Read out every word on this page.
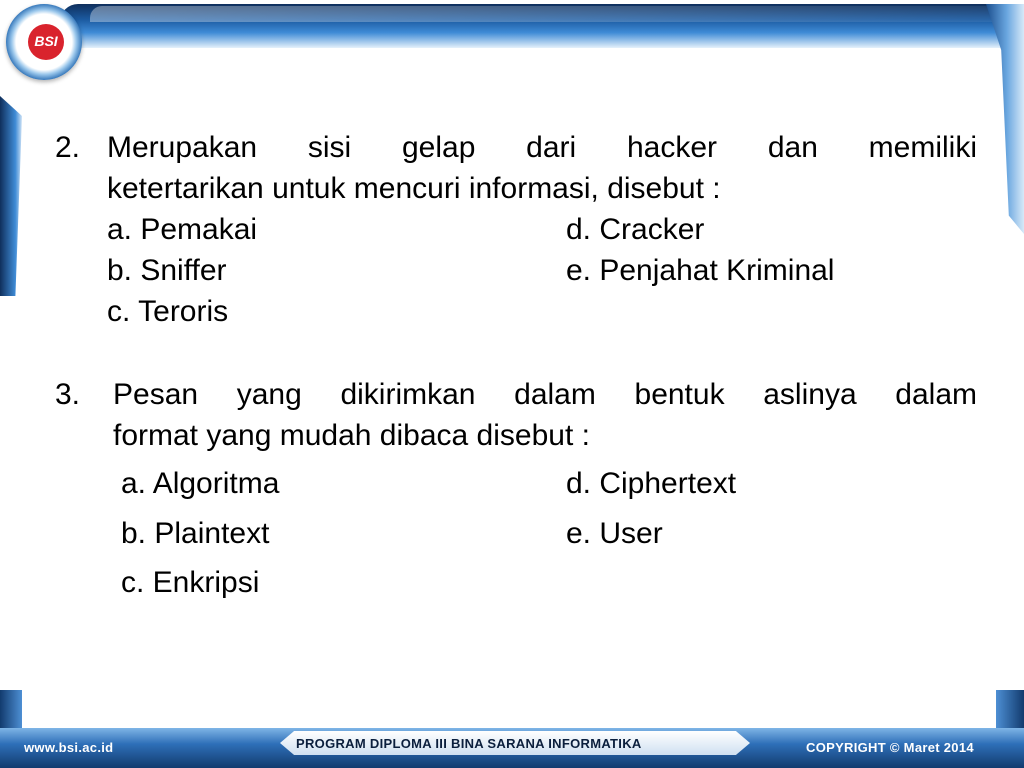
BSI
2. Merupakan sisi gelap dari hacker dan memiliki
ketertarikan untuk mencuri informasi, disebut :
a. Pemakai	d. Cracker
b. Sniffer	e. Penjahat Kriminal
c. Teroris
3. Pesan yang dikirimkan dalam bentuk aslinya dalam
format yang mudah dibaca disebut :
a. Algoritma	d. Ciphertext
b. Plaintext	e. User
c. Enkripsi
www.bsi.ac.id	PROGRAM DIPLOMA III BINA SARANA INFORMATIKA	COPYRIGHT © Maret 2014
